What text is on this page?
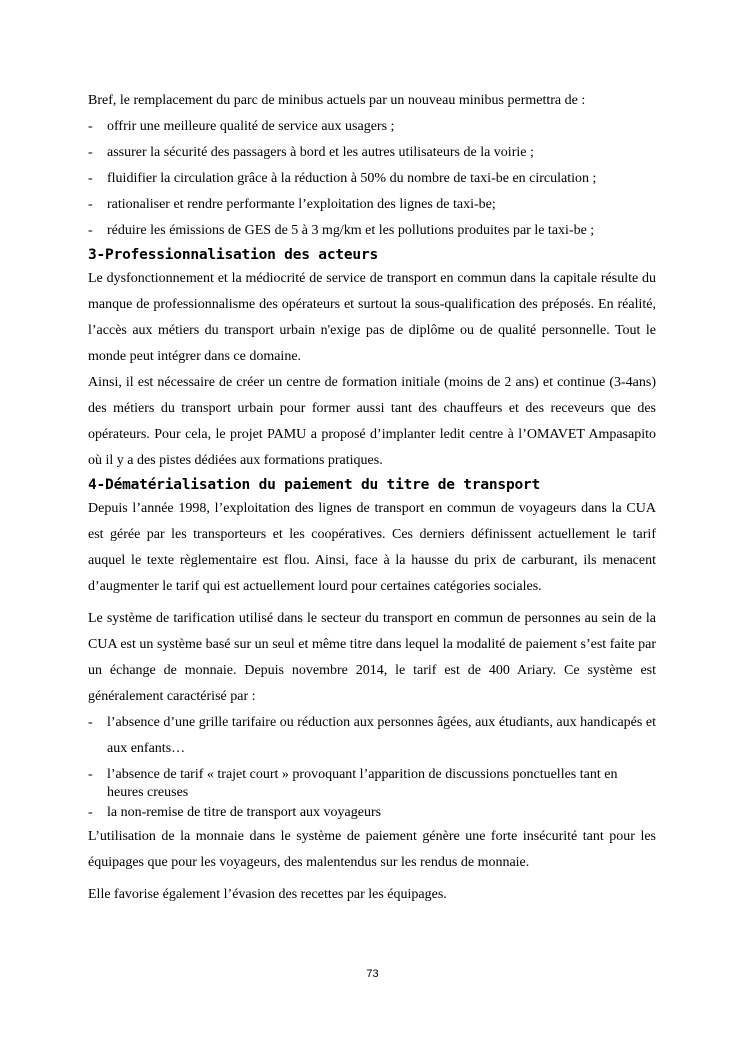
Bref, le remplacement du parc de minibus actuels par un nouveau minibus permettra de :

- offrir une meilleure qualité de service aux usagers ;
- assurer la sécurité des passagers à bord et les autres utilisateurs de la voirie ;
- fluidifier la circulation grâce à la réduction à 50% du nombre de taxi-be en circulation ;
- rationaliser et rendre performante l’exploitation des lignes de taxi-be;
- réduire les émissions de GES de 5 à 3 mg/km et les pollutions produites par le taxi-be ;
3-Professionnalisation des acteurs

Le dysfonctionnement et la médiocrité de service de transport en commun dans la capitale résulte du manque de professionnalisme des opérateurs et surtout la sous-qualification des préposés. En réalité, l’accès aux métiers du transport urbain n'exige pas de diplôme ou de qualité personnelle. Tout le monde peut intégrer dans ce domaine.

Ainsi, il est nécessaire de créer un centre de formation initiale (moins de 2 ans) et continue (3-4ans) des métiers du transport urbain pour former aussi tant des chauffeurs et des receveurs que des opérateurs. Pour cela, le projet PAMU a proposé d’implanter ledit centre à l’OMAVET Ampasapito où il y a des pistes dédiées aux formations pratiques.

4-Dématérialisation du paiement du titre de transport

Depuis l’année 1998, l’exploitation des lignes de transport en commun de voyageurs dans la CUA est gérée par les transporteurs et les coopératives. Ces derniers définissent actuellement le tarif auquel le texte règlementaire est flou. Ainsi, face à la hausse du prix de carburant, ils menacent d’augmenter le tarif qui est actuellement lourd pour certaines catégories sociales.

Le système de tarification utilisé dans le secteur du transport en commun de personnes au sein de la CUA est un système basé sur un seul et même titre dans lequel la modalité de paiement s’est faite par un échange de monnaie. Depuis novembre 2014, le tarif est de 400 Ariary. Ce système est généralement caractérisé par :

- l’absence d’une grille tarifaire ou réduction aux personnes âgées, aux étudiants, aux handicapés et aux enfants…
- l’absence de tarif « trajet court » provoquant l’apparition de discussions ponctuelles tant en
heures creuses
- la non-remise de titre de transport aux voyageurs

L’utilisation de la monnaie dans le système de paiement génère une forte insécurité tant pour les équipages que pour les voyageurs, des malentendus sur les rendus de monnaie.

Elle favorise également l’évasion des recettes par les équipages.

73
